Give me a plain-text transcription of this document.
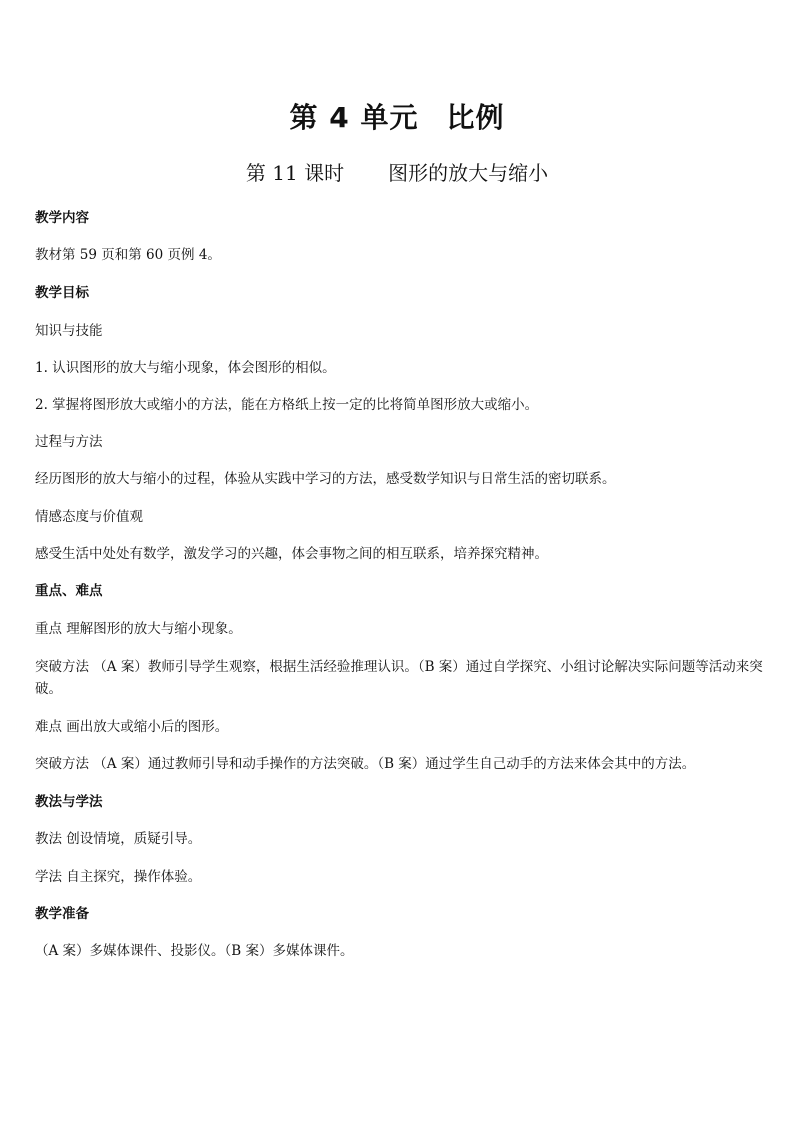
第 4 单元 比例
第 11 课时 图形的放大与缩小
教学内容
教材第 59 页和第 60 页例 4。
教学目标
知识与技能
1. 认识图形的放大与缩小现象，体会图形的相似。
2. 掌握将图形放大或缩小的方法，能在方格纸上按一定的比将简单图形放大或缩小。
过程与方法
经历图形的放大与缩小的过程，体验从实践中学习的方法，感受数学知识与日常生活的密切联系。
情感态度与价值观
感受生活中处处有数学，激发学习的兴趣，体会事物之间的相互联系，培养探究精神。
重点、难点
重点 理解图形的放大与缩小现象。
突破方法 （A 案）教师引导学生观察，根据生活经验推理认识。（B 案）通过自学探究、小组讨论解决实际问题等活动来突破。
难点 画出放大或缩小后的图形。
突破方法 （A 案）通过教师引导和动手操作的方法突破。（B 案）通过学生自己动手的方法来体会其中的方法。
教法与学法
教法 创设情境，质疑引导。
学法 自主探究，操作体验。
教学准备
（A 案）多媒体课件、投影仪。（B 案）多媒体课件。
